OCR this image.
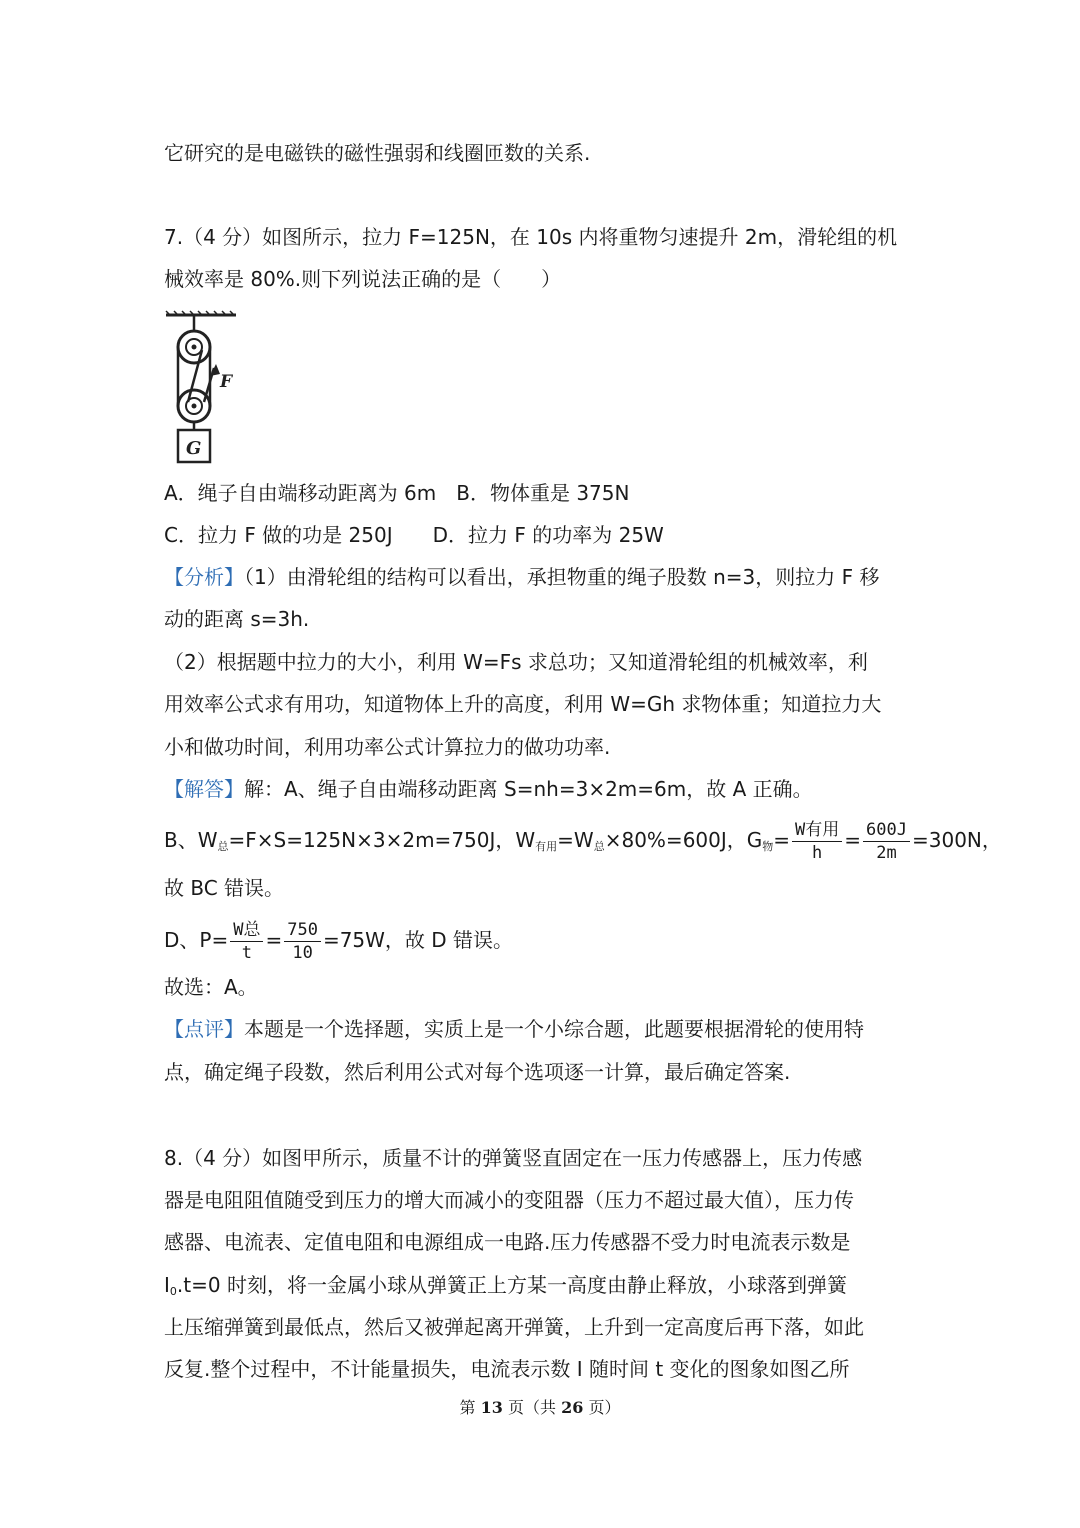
它研究的是电磁铁的磁性强弱和线圈匝数的关系.
7.（4 分）如图所示，拉力 F=125N，在 10s 内将重物匀速提升 2m，滑轮组的机
械效率是 80%.则下列说法正确的是（　　）
F
G
A．绳子自由端移动距离为 6m　B．物体重是 375N
C．拉力 F 做的功是 250J　　D．拉力 F 的功率为 25W
【分析】（1）由滑轮组的结构可以看出，承担物重的绳子股数 n=3，则拉力 F 移
动的距离 s=3h.
（2）根据题中拉力的大小，利用 W=Fs 求总功；又知道滑轮组的机械效率，利
用效率公式求有用功，知道物体上升的高度，利用 W=Gh 求物体重；知道拉力大
小和做功时间，利用功率公式计算拉力的做功功率.
【解答】解：A、绳子自由端移动距离 S=nh=3×2m=6m，故 A 正确。
B、$W_总=F\times S=125N\times 3\times 2m=750J$，$W_{有用}=W_总\times 80\%=600J$，$G_物= \frac{\text{W有用}}{h} = \frac{600J}{2m} =300N$，
故 BC 错误。
D、$P= \frac{\text{W总}}{t} = \frac{750}{10} =75W$，故 D 错误。
故选：A。
【点评】本题是一个选择题，实质上是一个小综合题，此题要根据滑轮的使用特
点，确定绳子段数，然后利用公式对每个选项逐一计算，最后确定答案.
8.（4 分）如图甲所示，质量不计的弹簧竖直固定在一压力传感器上，压力传感
器是电阻阻值随受到压力的增大而减小的变阻器（压力不超过最大值），压力传
感器、电流表、定值电阻和电源组成一电路.压力传感器不受力时电流表示数是
$I_0.t=0$ 时刻，将一金属小球从弹簧正上方某一高度由静止释放，小球落到弹簧
上压缩弹簧到最低点，然后又被弹起离开弹簧，上升到一定高度后再下落，如此
反复.整个过程中，不计能量损失，电流表示数 I 随时间 t 变化的图象如图乙所
第 13 页（共 26 页）
